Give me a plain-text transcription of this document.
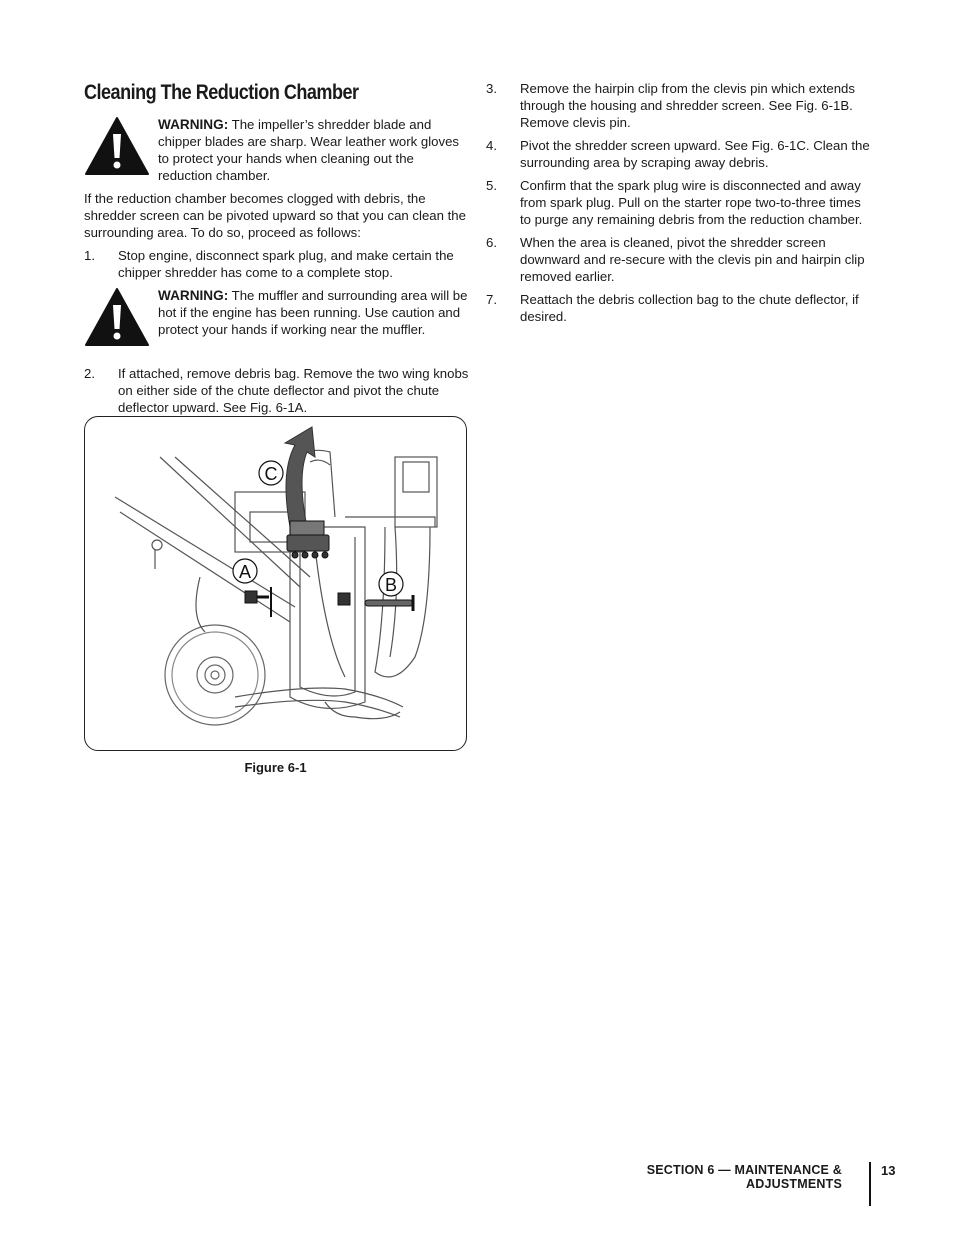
Cleaning The Reduction Chamber
WARNING: The impeller’s shredder blade and chipper blades are sharp. Wear leather work gloves to protect your hands when cleaning out the reduction chamber.

If the reduction chamber becomes clogged with debris, the shredder screen can be pivoted upward so that you can clean the surrounding area. To do so, proceed as follows:

1.	Stop engine, disconnect spark plug, and make certain the chipper shredder has come to a complete stop.
WARNING: The muffler and surrounding area will be hot if the engine has been running. Use caution and protect your hands if working near the muffler.
2.	If attached, remove debris bag. Remove the two wing knobs on either side of the chute deflector and pivot the chute deflector upward. See Fig. 6-1A.
C
A
B
Figure 6-1
3.	Remove the hairpin clip from the clevis pin which extends through the housing and shredder screen. See Fig. 6-1B. Remove clevis pin.
4.	Pivot the shredder screen upward. See Fig. 6-1C. Clean the surrounding area by scraping away debris.
5.	Confirm that the spark plug wire is disconnected and away from spark plug. Pull on the starter rope two-to-three times to purge any remaining debris from the reduction chamber.
6.	When the area is cleaned, pivot the shredder screen downward and re-secure with the clevis pin and hairpin clip removed earlier.
7.	Reattach the debris collection bag to the chute deflector, if desired.
SECTION 6 — MAINTENANCE & ADJUSTMENTS
13
